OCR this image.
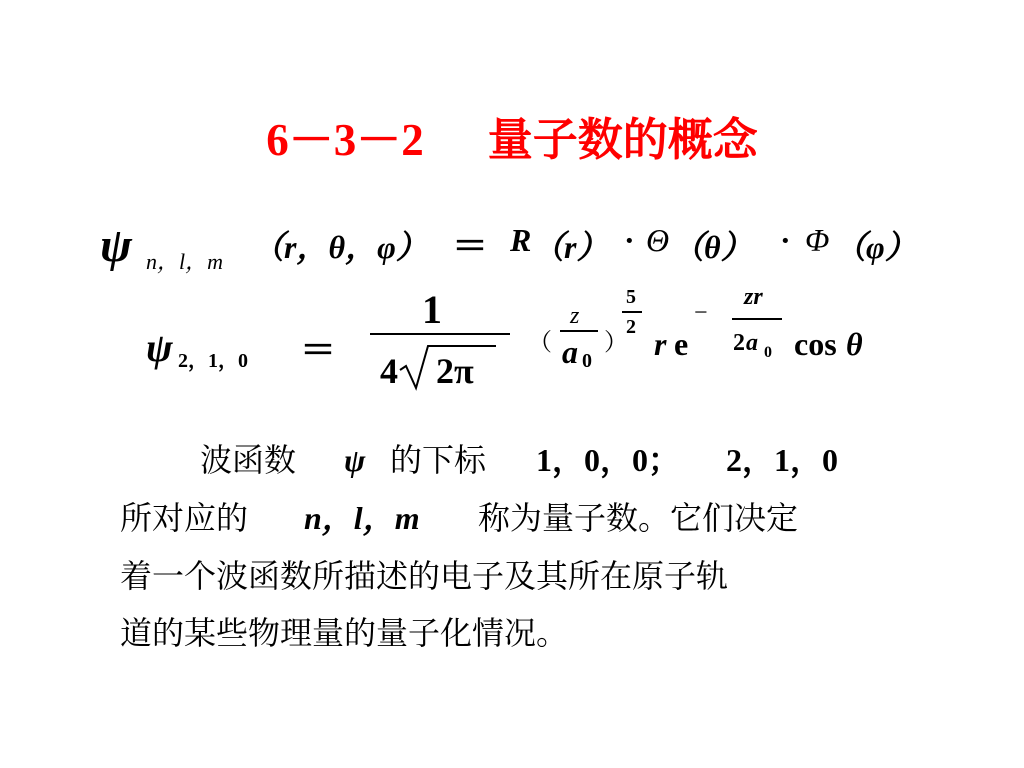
6－3－2 量子数的概念
ψ n，l，m （r，θ，φ） ＝ R （r） · Θ （θ） · Φ （φ）
ψ 2，1，0 ＝
1
4 2π
（
z
a 0
）
5
2 r e
−
zr
2 a 0 cos θ
波函数 ψ 的下标 1，0，0； 2，1，0
所对应的 n，l，m 称为量子数。它们决定
着一个波函数所描述的电子及其所在原子轨
道的某些物理量的量子化情况。
